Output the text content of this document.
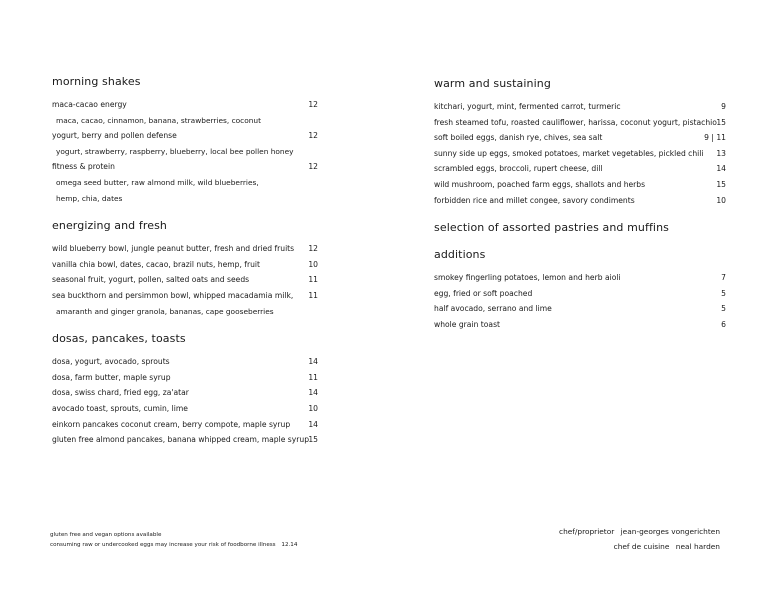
morning shakes
maca-cacao energy	12
maca, cacao, cinnamon, banana, strawberries, coconut
yogurt, berry and pollen defense	12
yogurt, strawberry, raspberry, blueberry, local bee pollen honey
fitness & protein	12
omega seed butter, raw almond milk, wild blueberries,
hemp, chia, dates
energizing and fresh
wild blueberry bowl, jungle peanut butter, fresh and dried fruits 12
vanilla chia bowl, dates, cacao, brazil nuts, hemp, fruit	10
seasonal fruit, yogurt, pollen, salted oats and seeds	11
sea buckthorn and persimmon bowl, whipped macadamia milk, 11
amaranth and ginger granola, bananas, cape gooseberries
dosas, pancakes, toasts
dosa, yogurt, avocado, sprouts	14
dosa, farm butter, maple syrup	11
dosa, swiss chard, fried egg, za'atar	14
avocado toast, sprouts, cumin, lime	10
einkorn pancakes coconut cream, berry compote, maple syrup 14
gluten free almond pancakes, banana whipped cream, maple syrup 15
warm and sustaining
kitchari, yogurt, mint, fermented carrot, turmeric	9
fresh steamed tofu, roasted cauliflower, harissa, coconut yogurt, pistachio 15
soft boiled eggs, danish rye, chives, sea salt	9 | 11
sunny side up eggs, smoked potatoes, market vegetables, pickled chili 13
scrambled eggs, broccoli, rupert cheese, dill	14
wild mushroom, poached farm eggs, shallots and herbs	15
forbidden rice and millet congee, savory condiments	10
selection of assorted pastries and muffins
additions
smokey fingerling potatoes, lemon and herb aioli	7
egg, fried or soft poached	5
half avocado, serrano and lime	5
whole grain toast	6
gluten free and vegan options available
consuming raw or undercooked eggs may increase your risk of foodborne illness 12.14
chef/proprietor jean-georges vongerichten
chef de cuisine neal harden
